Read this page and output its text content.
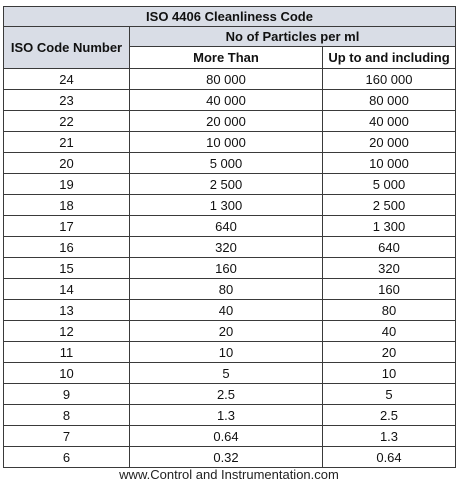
ISO 4406 Cleanliness Code		
ISO Code Number	No of Particles per ml	
	More Than	Up to and including
24	80 000	160 000
23	40 000	80 000
22	20 000	40 000
21	10 000	20 000
20	5 000	10 000
19	2 500	5 000
18	1 300	2 500
17	640	1 300
16	320	640
15	160	320
14	80	160
13	40	80
12	20	40
11	10	20
10	5	10
9	2.5	5
8	1.3	2.5
7	0.64	1.3
6	0.32	0.64
www.Control and Instrumentation.com
